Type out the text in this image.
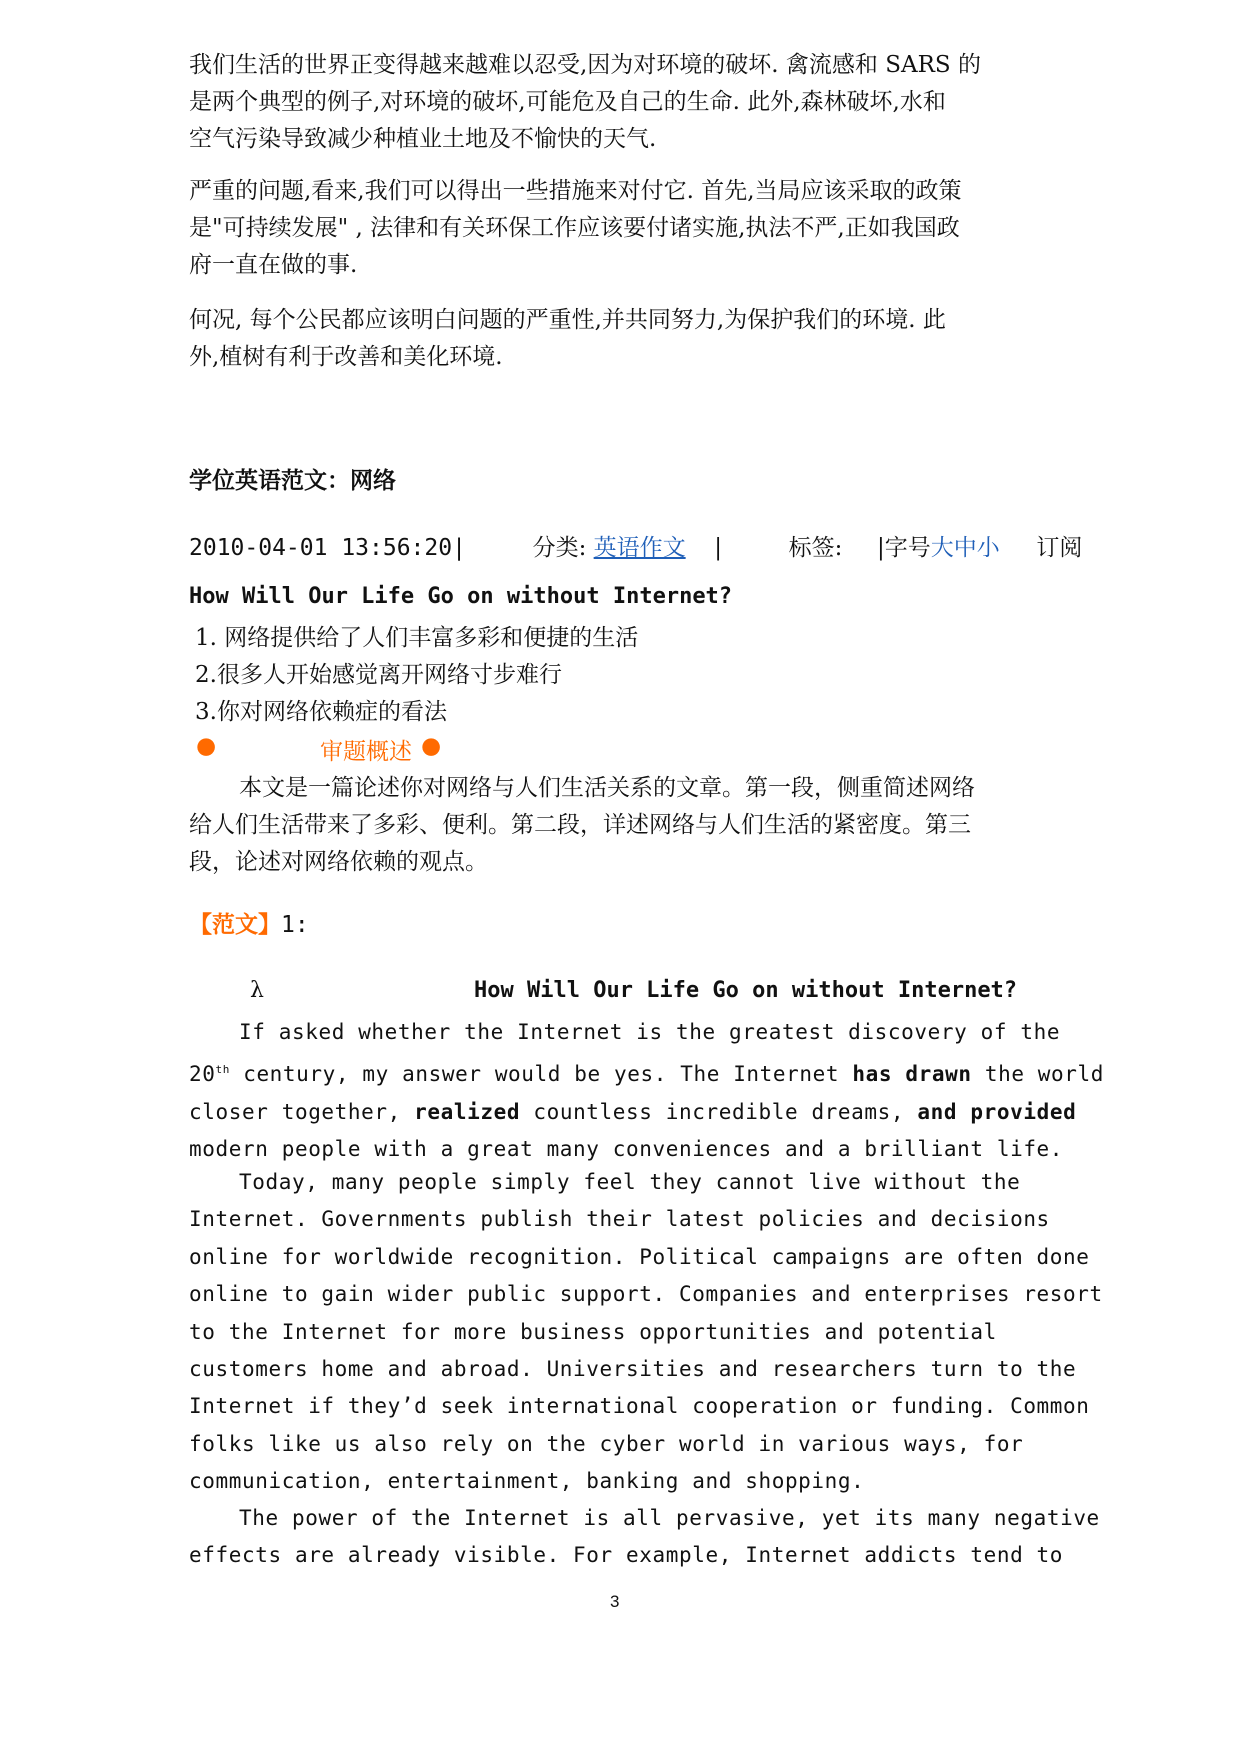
我们生活的世界正变得越来越难以忍受,因为对环境的破坏. 禽流感和 SARS 的
是两个典型的例子,对环境的破坏,可能危及自己的生命. 此外,森林破坏,水和
空气污染导致减少种植业土地及不愉快的天气.
严重的问题,看来,我们可以得出一些措施来对付它. 首先,当局应该采取的政策
是"可持续发展" , 法律和有关环保工作应该要付诸实施,执法不严,正如我国政
府一直在做的事.
何况, 每个公民都应该明白问题的严重性,并共同努力,为保护我们的环境. 此
外,植树有利于改善和美化环境.
学位英语范文：网络
2010-04-01 13:56:20|	分类: 英语作文 |	标签: |字号大中小 订阅
How Will Our Life Go on without Internet?
1. 网络提供给了人们丰富多彩和便捷的生活
2.很多人开始感觉离开网络寸步难行
3.你对网络依赖症的看法
●	审题概述 ●
本文是一篇论述你对网络与人们生活关系的文章。第一段，侧重简述网络
给人们生活带来了多彩、便利。第二段，详述网络与人们生活的紧密度。第三
段，论述对网络依赖的观点。
【范文】1:
λ	How Will Our Life Go on without Internet?
If asked whether the Internet is the greatest discovery of the
20th century, my answer would be yes. The Internet has drawn the world
closer together, realized countless incredible dreams, and provided
modern people with a great many conveniences and a brilliant life.
Today, many people simply feel they cannot live without the
Internet. Governments publish their latest policies and decisions
online for worldwide recognition. Political campaigns are often done
online to gain wider public support. Companies and enterprises resort
to the Internet for more business opportunities and potential
customers home and abroad. Universities and researchers turn to the
Internet if they’d seek international cooperation or funding. Common
folks like us also rely on the cyber world in various ways, for
communication, entertainment, banking and shopping.
The power of the Internet is all pervasive, yet its many negative
effects are already visible. For example, Internet addicts tend to
3
